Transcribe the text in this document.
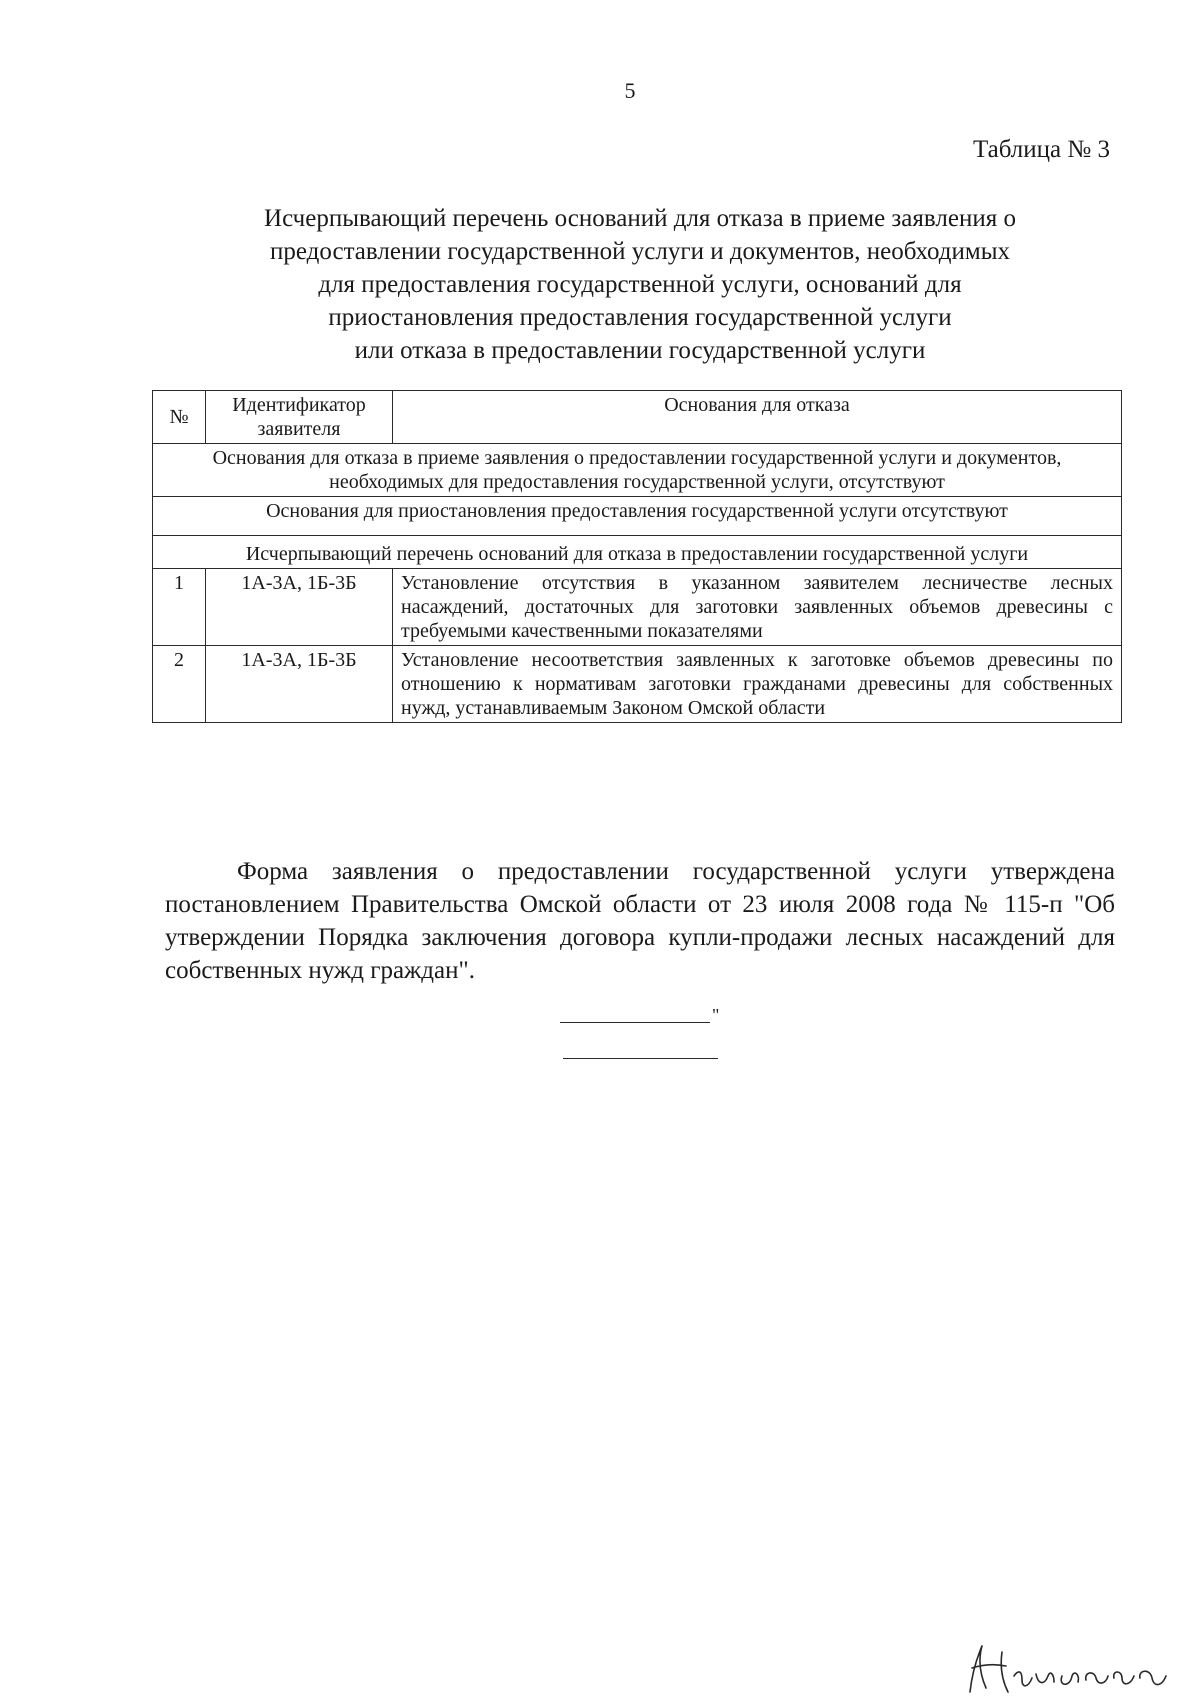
5
Таблица № 3
Исчерпывающий перечень оснований для отказа в приеме заявления о
предоставлении государственной услуги и документов, необходимых
для предоставления государственной услуги, оснований для
приостановления предоставления государственной услуги
или отказа в предоставлении государственной услуги
№	Идентификатор заявителя	Основания для отказа
Основания для отказа в приеме заявления о предоставлении государственной услуги и документов, необходимых для предоставления государственной услуги, отсутствуют		
Основания для приостановления предоставления государственной услуги отсутствуют		
Исчерпывающий перечень оснований для отказа в предоставлении государственной услуги		
1	1А-3А, 1Б-3Б	Установление отсутствия в указанном заявителем лесничестве лесных насаждений, достаточных для заготовки заявленных объемов древесины с требуемыми качественными показателями
2	1А-3А, 1Б-3Б	Установление несоответствия заявленных к заготовке объемов древесины по отношению к нормативам заготовки гражданами древесины для собственных нужд, устанавливаемым Законом Омской области
Форма заявления о предоставлении государственной услуги утверждена постановлением Правительства Омской области от 23 июля 2008 года № 115-п "Об утверждении Порядка заключения договора купли-продажи лесных насаждений для собственных нужд граждан".
"
